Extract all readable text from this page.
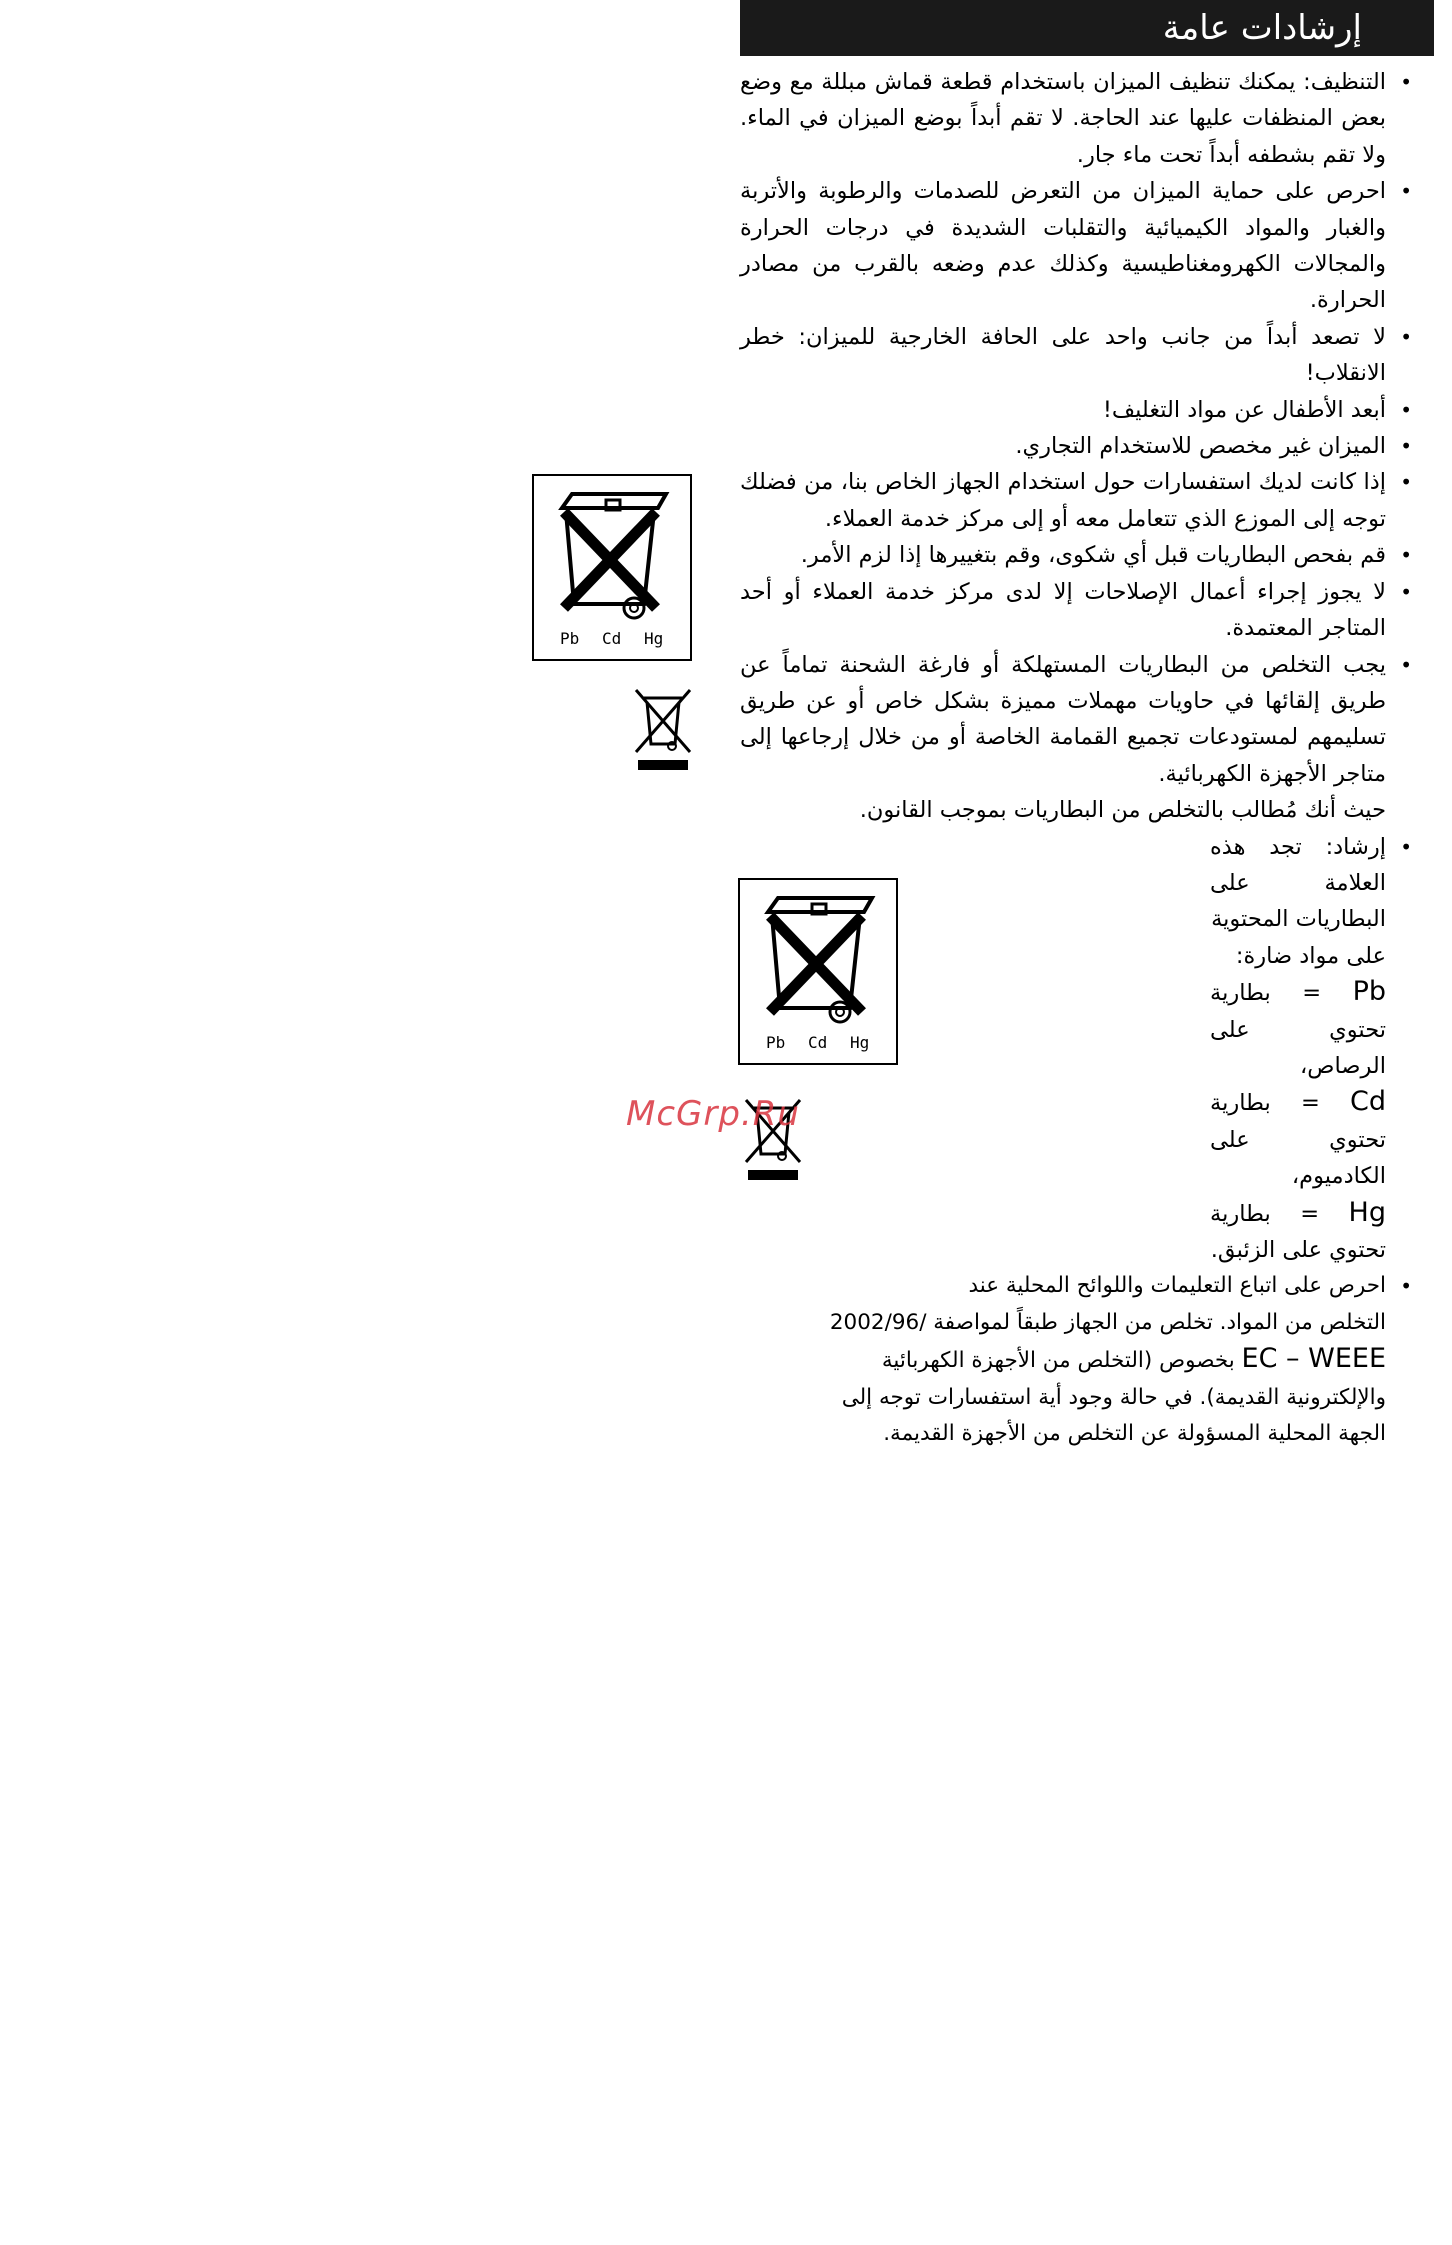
إرشادات عامة
• التنظيف: يمكنك تنظيف الميزان باستخدام قطعة قماش مبللة مع وضع بعض المنظفات عليها عند الحاجة. لا تقم أبداً بوضع الميزان في الماء. ولا تقم بشطفه أبداً تحت ماء جار.
• احرص على حماية الميزان من التعرض للصدمات والرطوبة والأتربة والغبار والمواد الكيميائية والتقلبات الشديدة في درجات الحرارة والمجالات الكهرومغناطيسية وكذلك عدم وضعه بالقرب من مصادر الحرارة.
• لا تصعد أبداً من جانب واحد على الحافة الخارجية للميزان: خطر الانقلاب!
• أبعد الأطفال عن مواد التغليف!
• الميزان غير مخصص للاستخدام التجاري.
• إذا كانت لديك استفسارات حول استخدام الجهاز الخاص بنا، من فضلك توجه إلى الموزع الذي تتعامل معه أو إلى مركز خدمة العملاء.
• قم بفحص البطاريات قبل أي شكوى، وقم بتغييرها إذا لزم الأمر.
• لا يجوز إجراء أعمال الإصلاحات إلا لدى مركز خدمة العملاء أو أحد المتاجر المعتمدة.
• يجب التخلص من البطاريات المستهلكة أو فارغة الشحنة تماماً عن طريق إلقائها في حاويات مهملات مميزة بشكل خاص أو عن طريق تسليمهم لمستودعات تجميع القمامة الخاصة أو من خلال إرجاعها إلى متاجر الأجهزة الكهربائية.

حيث أنك مُطالب بالتخلص من البطاريات بموجب القانون.

• إرشاد: تجد هذه العلامة على البطاريات المحتوية
على مواد ضارة:
Pb = بطارية تحتوي على الرصاص،
Cd = بطارية تحتوي على الكادميوم،
Hg = بطارية تحتوي على الزئبق.
• احرص على اتباع التعليمات واللوائح المحلية عند
التخلص من المواد. تخلص من الجهاز طبقاً لمواصفة /2002/96
EC – WEEE بخصوص (التخلص من الأجهزة الكهربائية
والإلكترونية القديمة). في حالة وجود أية استفسارات توجه إلى
الجهة المحلية المسؤولة عن التخلص من الأجهزة القديمة.
Pb Cd Hg
Pb Cd Hg
McGrp.Ru
